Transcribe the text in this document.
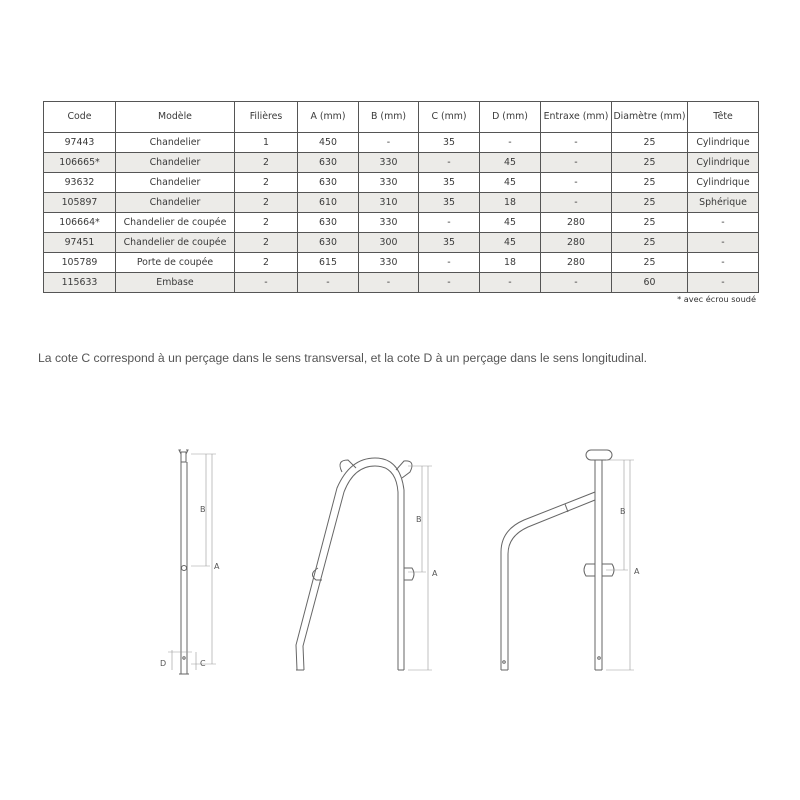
Code	Modèle	Filières	A (mm)	B (mm)	C (mm)	D (mm)	Entraxe (mm)	Diamètre (mm)	Tête
97443	Chandelier	1	450	-	35	-	-	25	Cylindrique
106665*	Chandelier	2	630	330	-	45	-	25	Cylindrique
93632	Chandelier	2	630	330	35	45	-	25	Cylindrique
105897	Chandelier	2	610	310	35	18	-	25	Sphérique
106664*	Chandelier de coupée	2	630	330	-	45	280	25	-
97451	Chandelier de coupée	2	630	300	35	45	280	25	-
105789	Porte de coupée	2	615	330	-	18	280	25	-
115633	Embase	-	-	-	-	-	-	60	-
* avec écrou soudé

La cote C correspond à un perçage dans le sens transversal, et la cote D à un perçage dans le sens longitudinal.

B
A
D	C
B
A
B
A
